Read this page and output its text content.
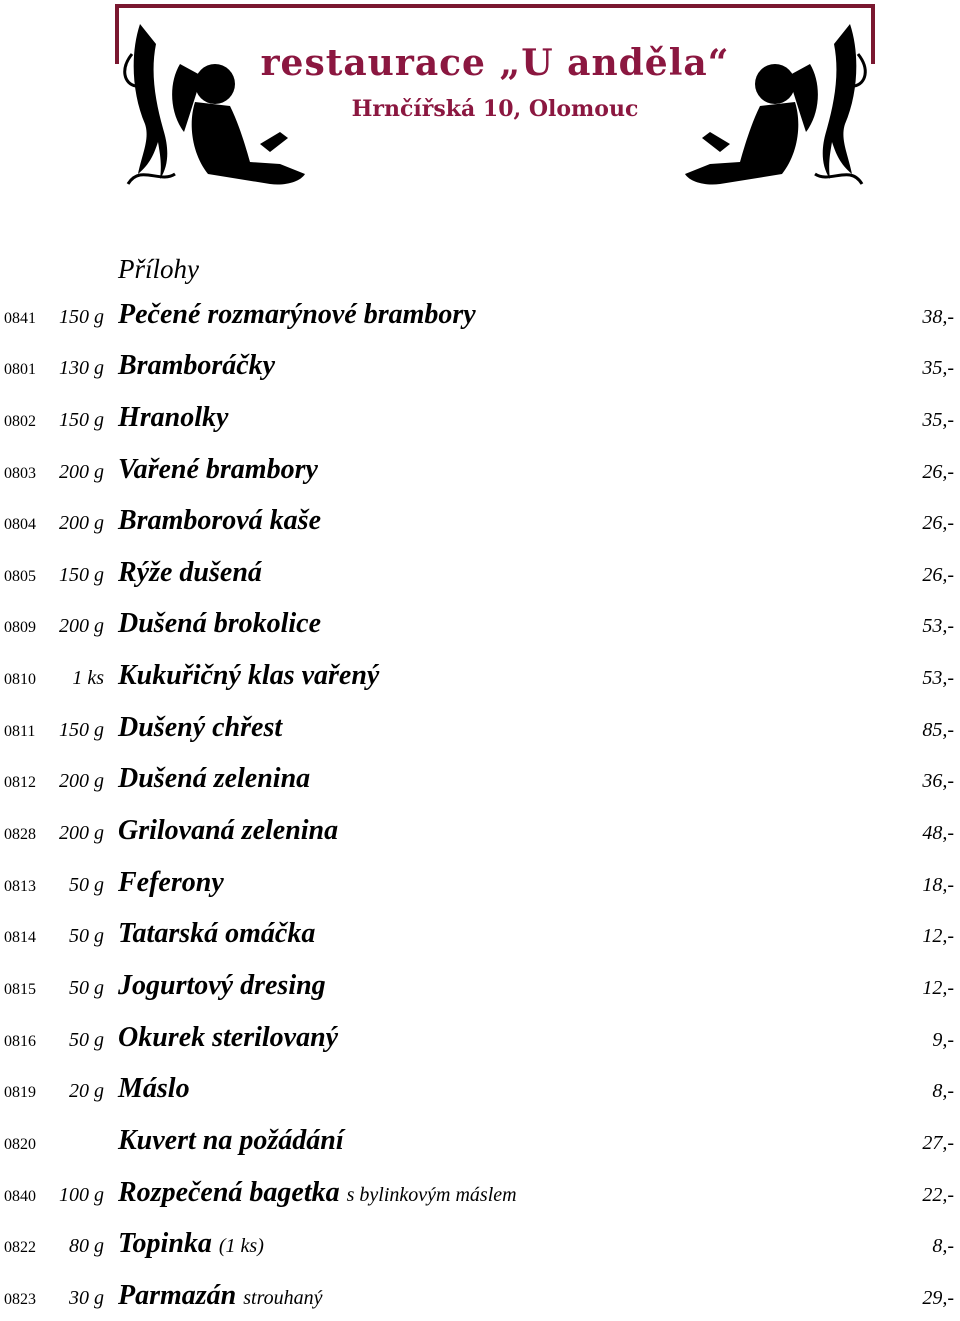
restaurace „U anděla“
Hrnčířská 10, Olomouc
Přílohy
0841 150 g Pečené rozmarýnové brambory	38,-
0801 130 g Bramboráčky	35,-
0802 150 g Hranolky	35,-
0803 200 g Vařené brambory	26,-
0804 200 g Bramborová kaše	26,-
0805 150 g Rýže dušená	26,-
0809 200 g Dušená brokolice	53,-
0810 1 ks Kukuřičný klas vařený	53,-
0811 150 g Dušený chřest	85,-
0812 200 g Dušená zelenina	36,-
0828 200 g Grilovaná zelenina	48,-
0813 50 g Feferony	18,-
0814 50 g Tatarská omáčka	12,-
0815 50 g Jogurtový dresing	12,-
0816 50 g Okurek sterilovaný	9,-
0819 20 g Máslo	8,-
0820	Kuvert na požádání	27,-
0840 100 g Rozpečená bagetka s bylinkovým máslem	22,-
0822 80 g Topinka (1 ks)	8,-
0823 30 g Parmazán strouhaný	29,-
